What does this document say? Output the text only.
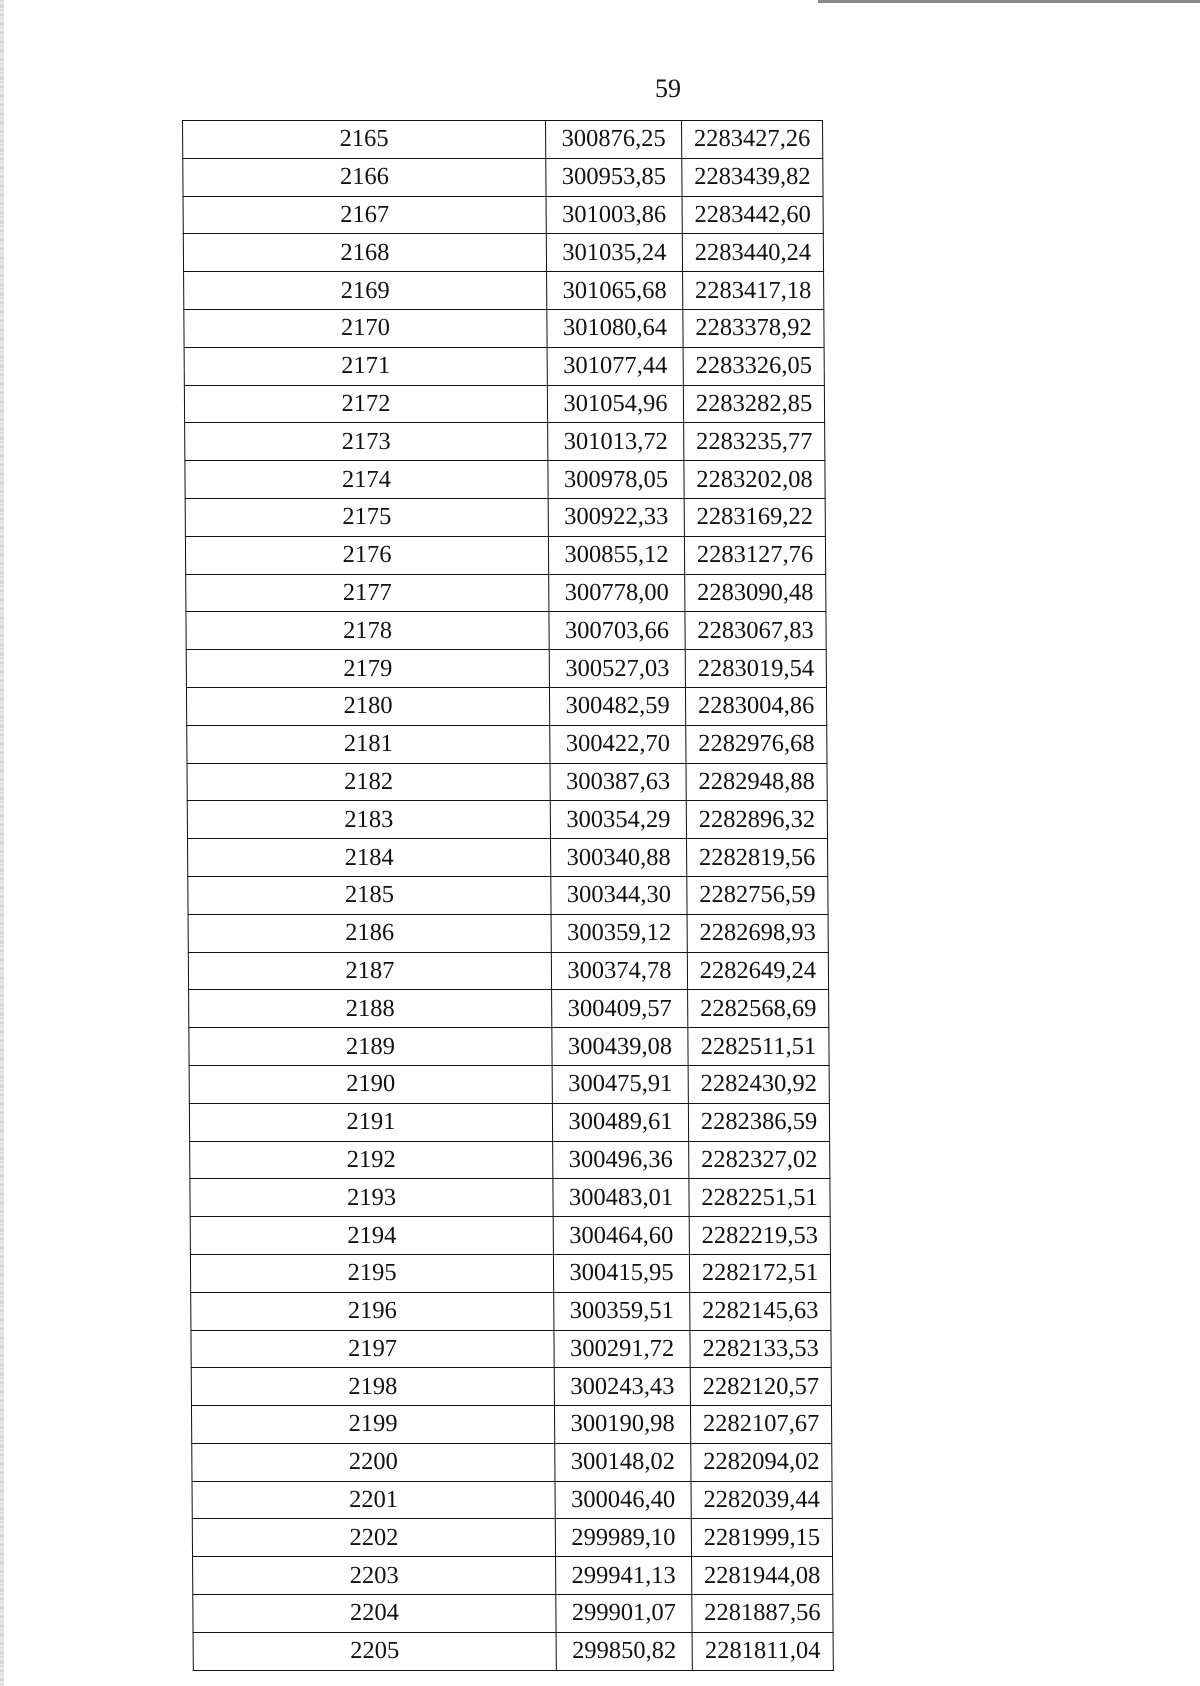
59
2165	300876,25	2283427,26
2166	300953,85	2283439,82
2167	301003,86	2283442,60
2168	301035,24	2283440,24
2169	301065,68	2283417,18
2170	301080,64	2283378,92
2171	301077,44	2283326,05
2172	301054,96	2283282,85
2173	301013,72	2283235,77
2174	300978,05	2283202,08
2175	300922,33	2283169,22
2176	300855,12	2283127,76
2177	300778,00	2283090,48
2178	300703,66	2283067,83
2179	300527,03	2283019,54
2180	300482,59	2283004,86
2181	300422,70	2282976,68
2182	300387,63	2282948,88
2183	300354,29	2282896,32
2184	300340,88	2282819,56
2185	300344,30	2282756,59
2186	300359,12	2282698,93
2187	300374,78	2282649,24
2188	300409,57	2282568,69
2189	300439,08	2282511,51
2190	300475,91	2282430,92
2191	300489,61	2282386,59
2192	300496,36	2282327,02
2193	300483,01	2282251,51
2194	300464,60	2282219,53
2195	300415,95	2282172,51
2196	300359,51	2282145,63
2197	300291,72	2282133,53
2198	300243,43	2282120,57
2199	300190,98	2282107,67
2200	300148,02	2282094,02
2201	300046,40	2282039,44
2202	299989,10	2281999,15
2203	299941,13	2281944,08
2204	299901,07	2281887,56
2205	299850,82	2281811,04
